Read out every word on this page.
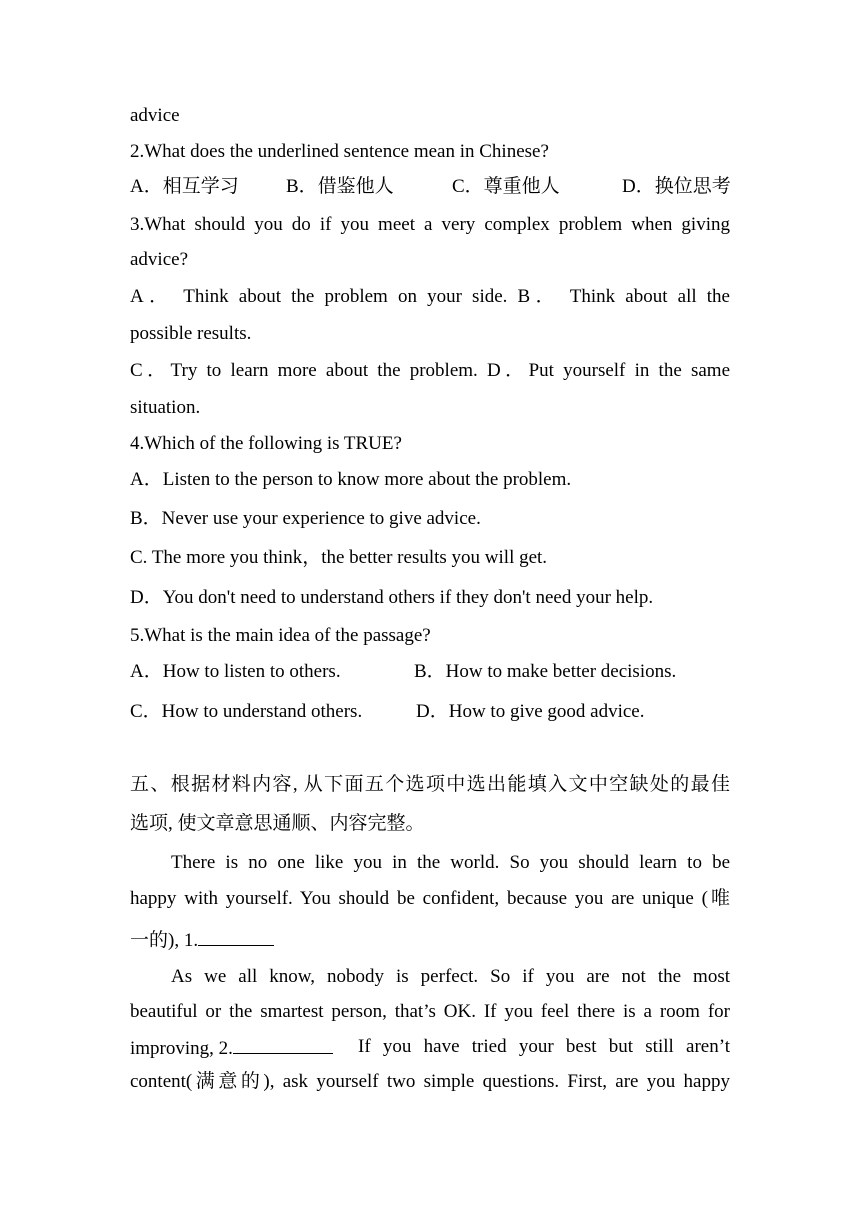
advice
2.What does the underlined sentence mean in Chinese?
A．相互学习 B．借鉴他人	C．尊重他人	D．换位思考
3.What should you do if you meet a very complex problem when giving
advice?
A． Think about the problem on your side. B． Think about all the
possible results.
C．Try to learn more about the problem. D．Put yourself in the same
situation.
4.Which of the following is TRUE?
A．Listen to the person to know more about the problem.
B．Never use your experience to give advice.
C. The more you think，the better results you will get.
D．You don't need to understand others if they don't need your help.
5.What is the main idea of the passage?
A．How to listen to others.	B．How to make better decisions.
C．How to understand others.	D．How to give good advice.
五、根据材料内容, 从下面五个选项中选出能填入文中空缺处的最佳
选项, 使文章意思通顺、内容完整。
There is no one like you in the world. So you should learn to be
happy with yourself. You should be confident, because you are unique (唯
一的), 1.
As we all know, nobody is perfect. So if you are not the most
beautiful or the smartest person, that’s OK. If you feel there is a room for
improving, 2.	If you have tried your best but still aren’t
content(满意的), ask yourself two simple questions. First, are you happy
